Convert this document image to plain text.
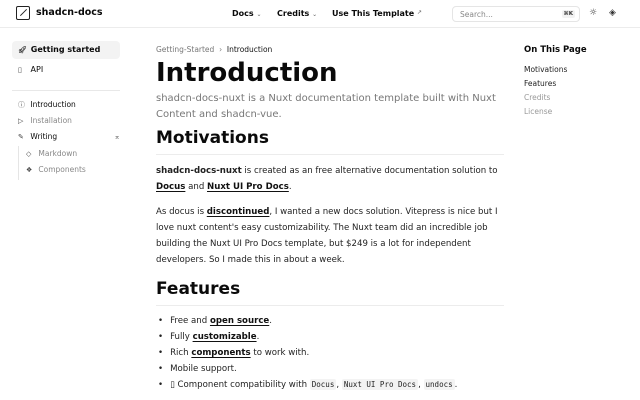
shadcn-docs	Docs ⌄ Credits ⌄ Use This Template ↗	Search...	⌘K ☼ ◈
🚀︎ Getting started
▯ API
ⓘ Introduction
▷ Installation
✎ Writing	⌅
◇ Markdown
❖ Components
Getting-Started › Introduction
Introduction
shadcn-docs-nuxt is a Nuxt documentation template built with Nuxt Content and shadcn-vue.
Motivations

shadcn-docs-nuxt is created as an free alternative documentation solution to Docus and Nuxt UI Pro Docs.

As docus is discontinued, I wanted a new docs solution. Vitepress is nice but I love nuxt content's easy customizability. The Nuxt team did an incredible job building the Nuxt UI Pro Docs template, but $249 is a lot for independent developers. So I made this in about a week.

Features
• Free and open source.
• Fully customizable.
• Rich components to work with.
• Mobile support.
• ▯ Component compatibility with Docus , Nuxt UI Pro Docs , undocs .
On This Page
Motivations
Features
Credits
License
